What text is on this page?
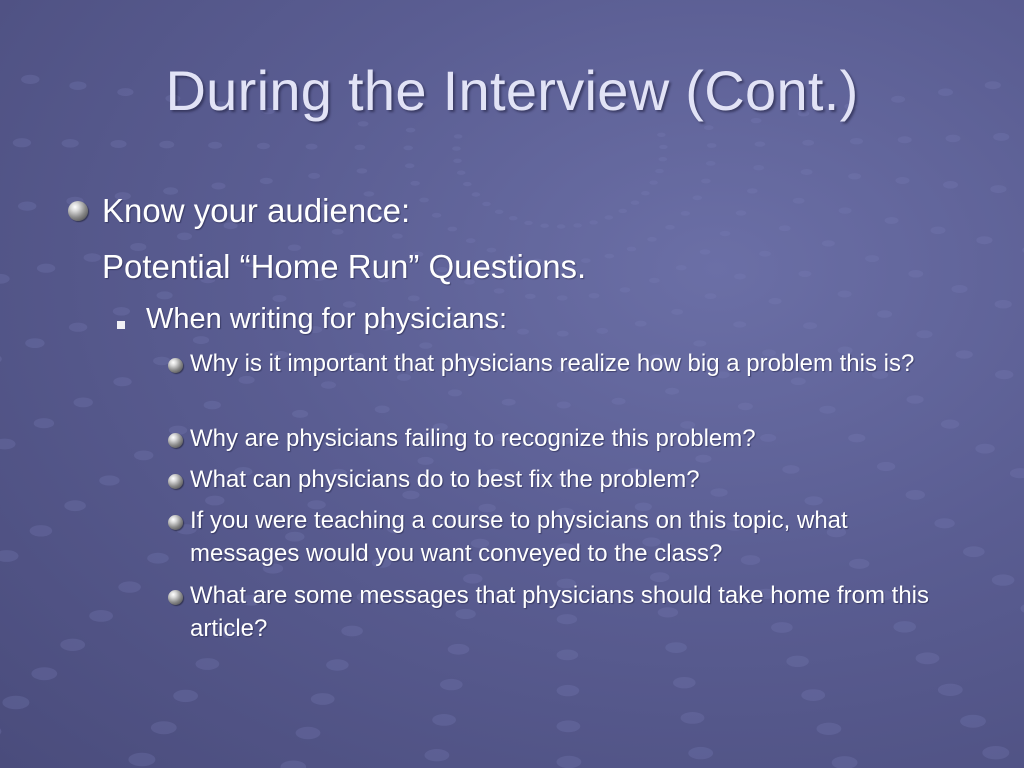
During the Interview (Cont.)
Know your audience:
Potential “Home Run” Questions.
When writing for physicians:
Why is it important that physicians realize how big a problem this is?
Why are physicians failing to recognize this problem?
What can physicians do to best fix the problem?
If you were teaching a course to physicians on this topic, what messages would you want conveyed to the class?
What are some messages that physicians should take home from this article?
